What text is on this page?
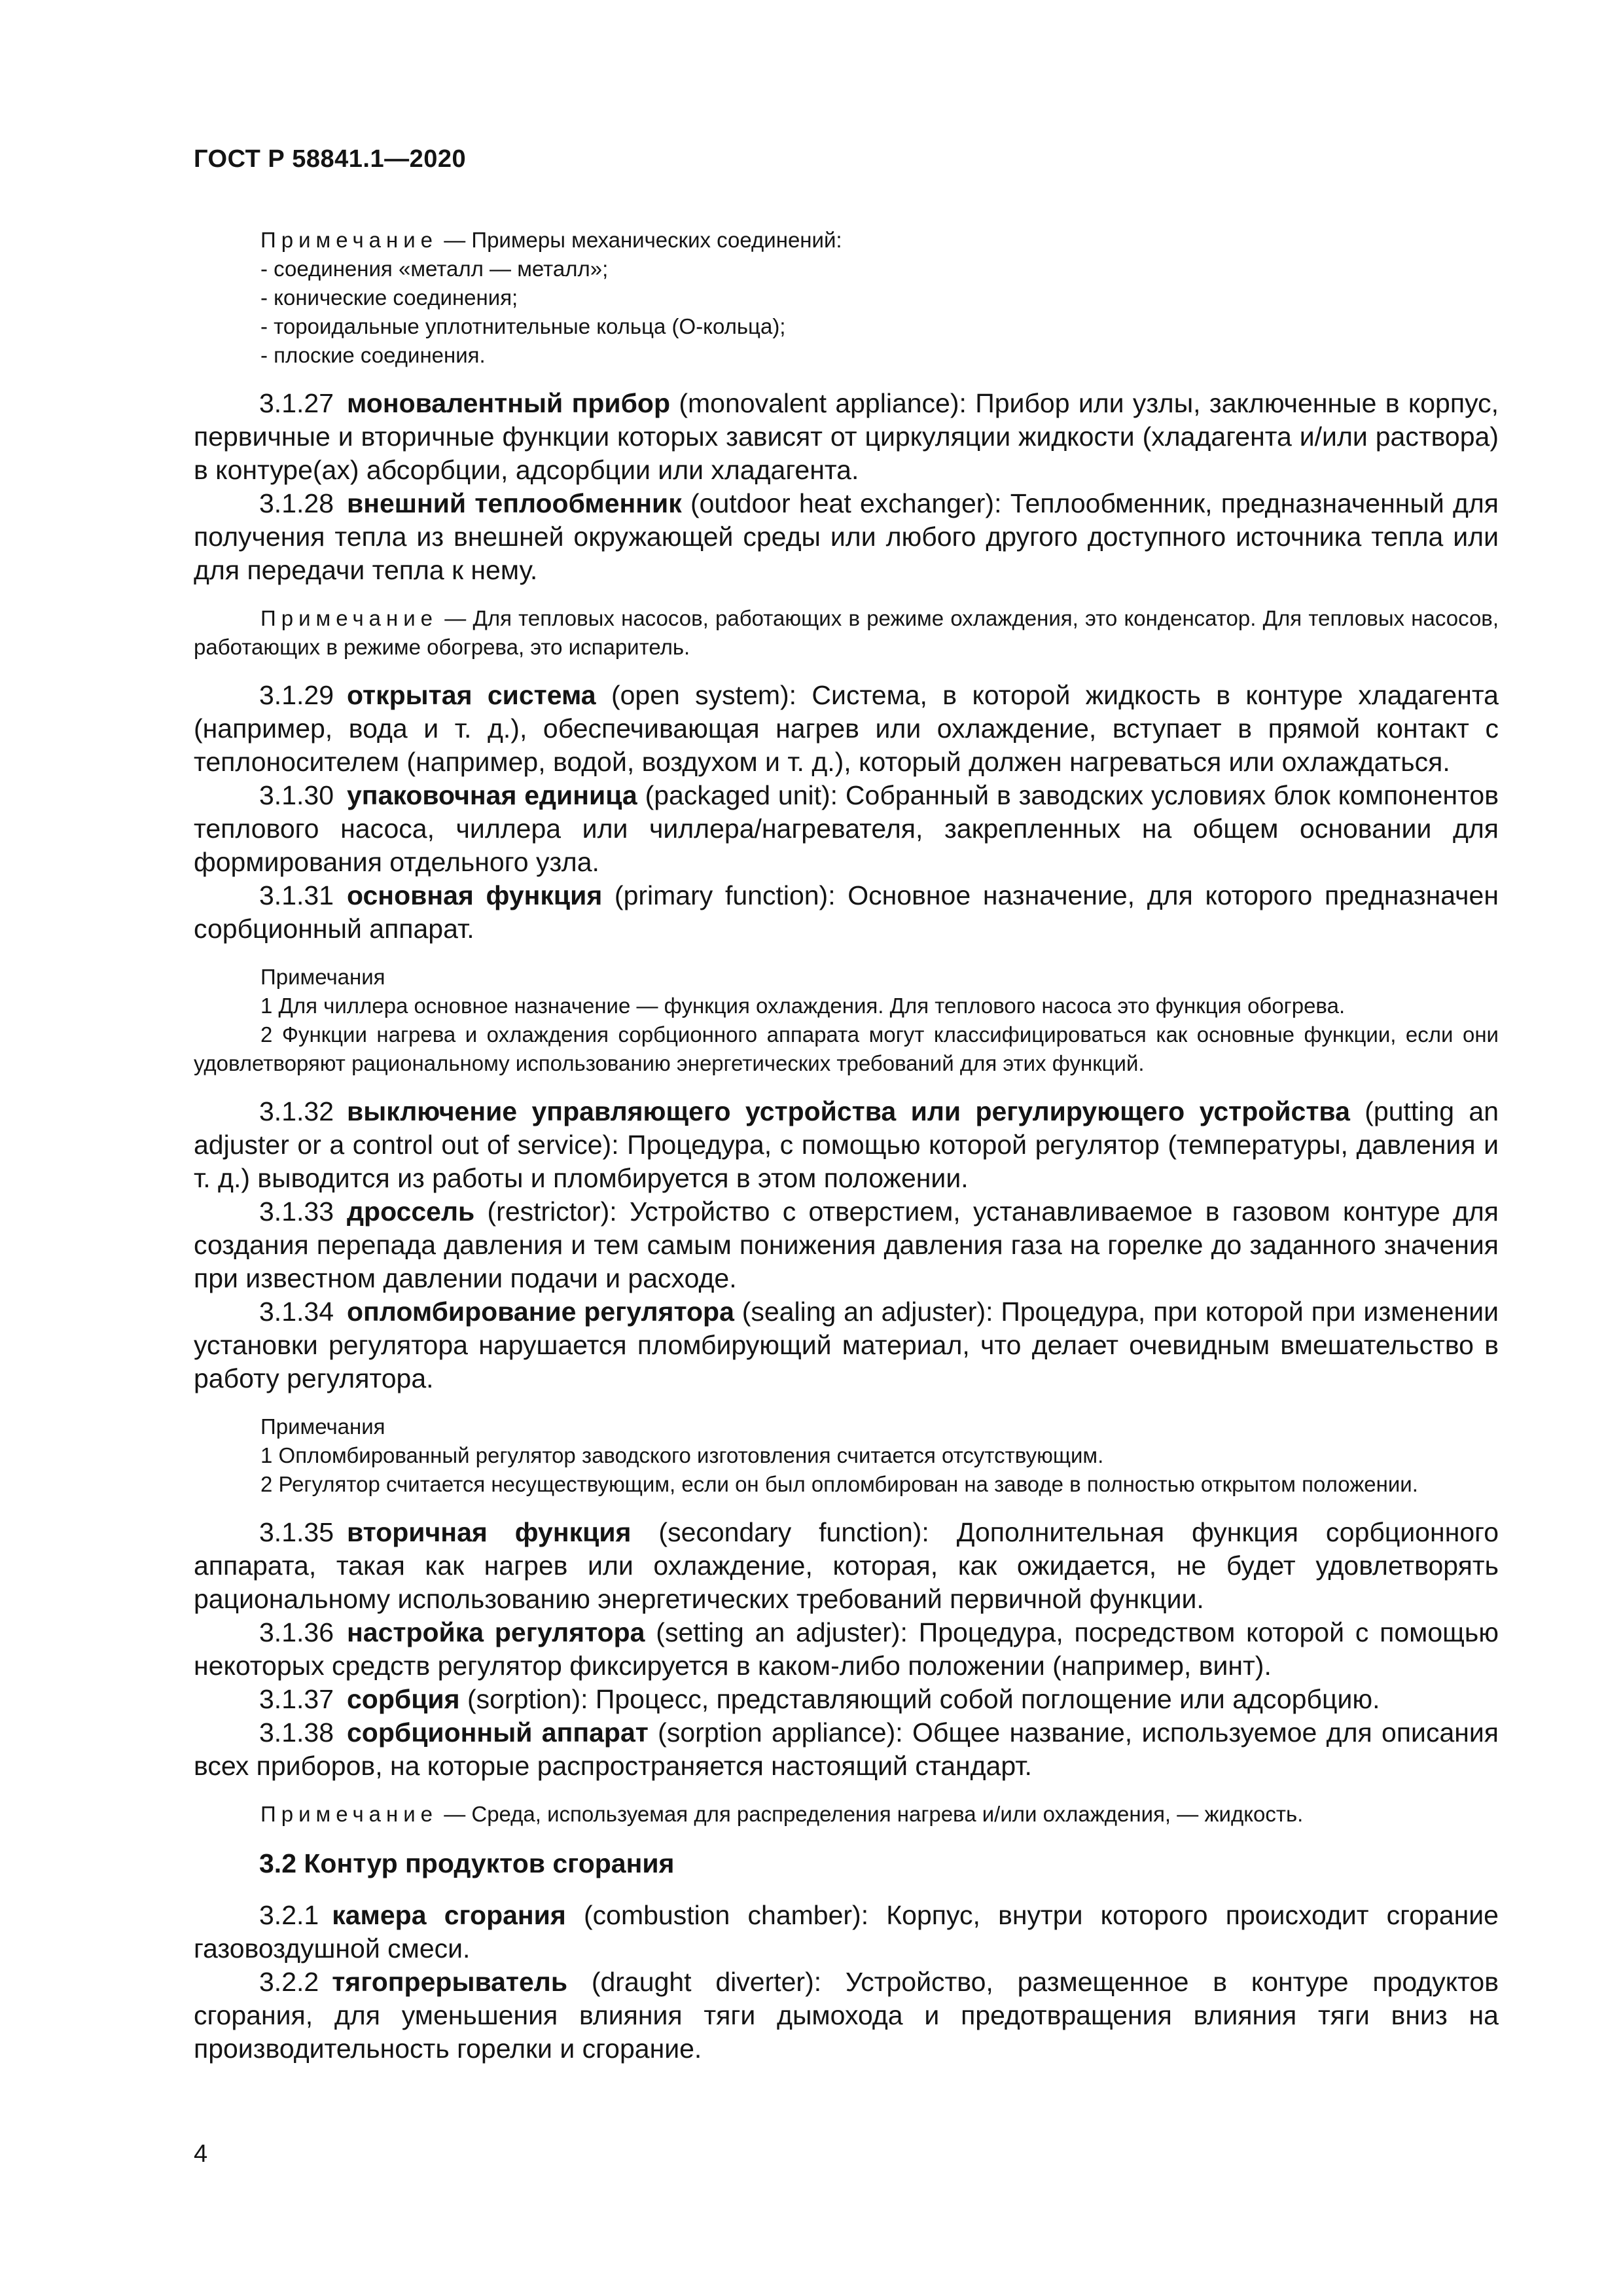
ГОСТ Р 58841.1—2020

Примечание — Примеры механических соединений:

- соединения «металл — металл»;

- конические соединения;

- тороидальные уплотнительные кольца (О-кольца);

- плоские соединения.

3.1.27 моновалентный прибор (monovalent appliance): Прибор или узлы, заключенные в корпус, первичные и вторичные функции которых зависят от циркуляции жидкости (хладагента и/или раствора) в контуре(ах) абсорбции, адсорбции или хладагента.

3.1.28 внешний теплообменник (outdoor heat exchanger): Теплообменник, предназначенный для получения тепла из внешней окружающей среды или любого другого доступного источника тепла или для передачи тепла к нему.

Примечание — Для тепловых насосов, работающих в режиме охлаждения, это конденсатор. Для тепловых насосов, работающих в режиме обогрева, это испаритель.

3.1.29 открытая система (open system): Система, в которой жидкость в контуре хладагента (например, вода и т. д.), обеспечивающая нагрев или охлаждение, вступает в прямой контакт с теплоносителем (например, водой, воздухом и т. д.), который должен нагреваться или охлаждаться.

3.1.30 упаковочная единица (packaged unit): Собранный в заводских условиях блок компонентов теплового насоса, чиллера или чиллера/нагревателя, закрепленных на общем основании для формирования отдельного узла.

3.1.31 основная функция (primary function): Основное назначение, для которого предназначен сорбционный аппарат.

Примечания

1 Для чиллера основное назначение — функция охлаждения. Для теплового насоса это функция обогрева.

2 Функции нагрева и охлаждения сорбционного аппарата могут классифицироваться как основные функции, если они удовлетворяют рациональному использованию энергетических требований для этих функций.

3.1.32 выключение управляющего устройства или регулирующего устройства (putting an adjuster or a control out of service): Процедура, с помощью которой регулятор (температуры, давления и т. д.) выводится из работы и пломбируется в этом положении.

3.1.33 дроссель (restrictor): Устройство с отверстием, устанавливаемое в газовом контуре для создания перепада давления и тем самым понижения давления газа на горелке до заданного значения при известном давлении подачи и расходе.

3.1.34 опломбирование регулятора (sealing an adjuster): Процедура, при которой при изменении установки регулятора нарушается пломбирующий материал, что делает очевидным вмешательство в работу регулятора.

Примечания

1 Опломбированный регулятор заводского изготовления считается отсутствующим.

2 Регулятор считается несуществующим, если он был опломбирован на заводе в полностью открытом положении.

3.1.35 вторичная функция (secondary function): Дополнительная функция сорбционного аппарата, такая как нагрев или охлаждение, которая, как ожидается, не будет удовлетворять рациональному использованию энергетических требований первичной функции.

3.1.36 настройка регулятора (setting an adjuster): Процедура, посредством которой с помощью некоторых средств регулятор фиксируется в каком-либо положении (например, винт).

3.1.37 сорбция (sorption): Процесс, представляющий собой поглощение или адсорбцию.

3.1.38 сорбционный аппарат (sorption appliance): Общее название, используемое для описания всех приборов, на которые распространяется настоящий стандарт.

Примечание — Среда, используемая для распределения нагрева и/или охлаждения, — жидкость.

3.2 Контур продуктов сгорания

3.2.1 камера сгорания (combustion chamber): Корпус, внутри которого происходит сгорание газовоздушной смеси.

3.2.2 тягопрерыватель (draught diverter): Устройство, размещенное в контуре продуктов сгорания, для уменьшения влияния тяги дымохода и предотвращения влияния тяги вниз на производительность горелки и сгорание.

4
